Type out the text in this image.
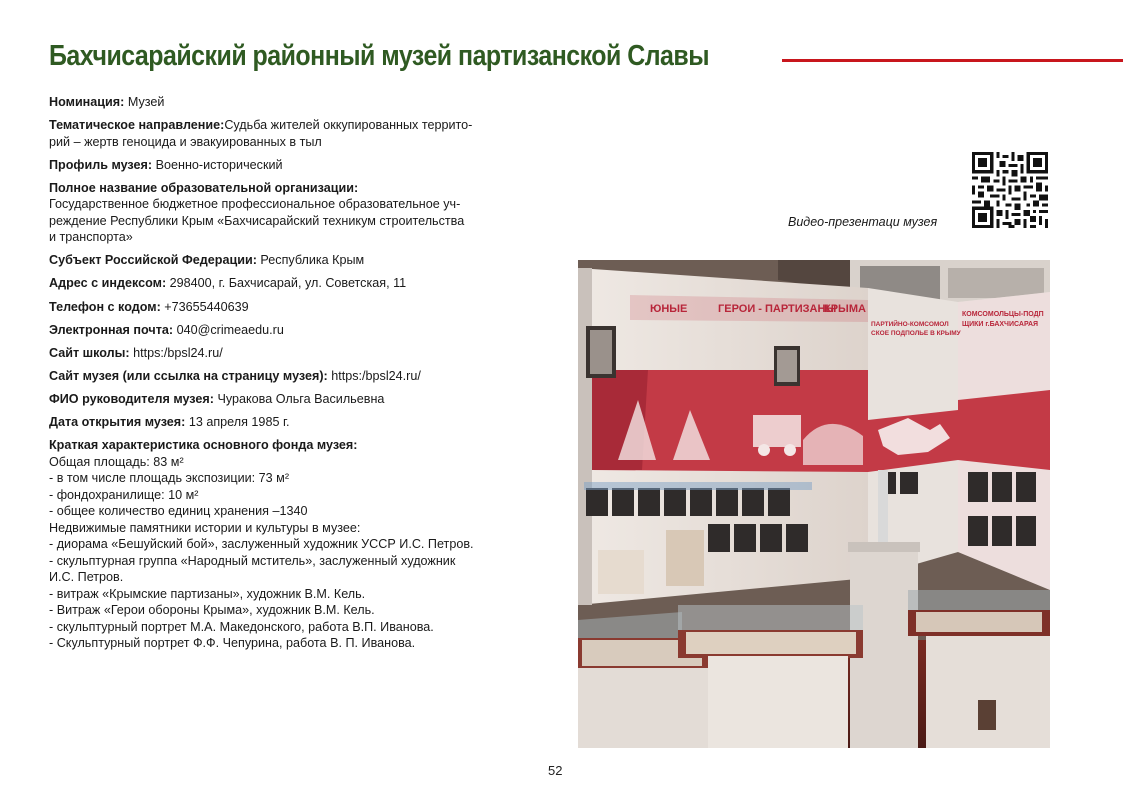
Бахчисарайский районный музей партизанской Славы
Номинация: Музей
Тематическое направление:Судьба жителей оккупированных террито-
рий – жертв геноцида и эвакуированных в тыл
Профиль музея: Военно-исторический
Полное название образовательной организации:
Государственное бюджетное профессиональное образовательное уч-
реждение Республики Крым «Бахчисарайский техникум строительства
и транспорта»
Субъект Российской Федерации: Республика Крым
Адрес с индексом: 298400, г. Бахчисарай, ул. Советская, 11
Телефон с кодом: +73655440639
Электронная почта: 040@crimeaedu.ru
Сайт школы: https:/bpsl24.ru/
Сайт музея (или ссылка на страницу музея): https:/bpsl24.ru/
ФИО руководителя музея: Чуракова Ольга Васильевна
Дата открытия музея: 13 апреля 1985 г.
Краткая характеристика основного фонда музея:
Общая площадь: 83 м²
- в том числе площадь экспозиции: 73 м²
- фондохранилище: 10 м²
- общее количество единиц хранения –1340
Недвижимые памятники истории и культуры в музее:
- диорама «Бешуйский бой», заслуженный художник УССР И.С. Петров.
- скульптурная группа «Народный мститель», заслуженный художник
И.С. Петров.
- витраж «Крымские партизаны», художник В.М. Кель.
- Витраж «Герои обороны Крыма», художник В.М. Кель.
- скульптурный портрет М.А. Македонского, работа В.П. Иванова.
- Скульптурный портрет Ф.Ф. Чепурина, работа В. П. Иванова.
Видео-презентаци музея
ЮНЫЕ	ГЕРОИ - ПАРТИЗАНЫ
КРЫМА	КОМСОМОЛЬЦЫ-ПОДП
ЩИКИ г.БАХЧИСАРАЯ
ПАРТИЙНО-КОМСОМОЛ
СКОЕ ПОДПОЛЬЕ В КРЫМУ
52
